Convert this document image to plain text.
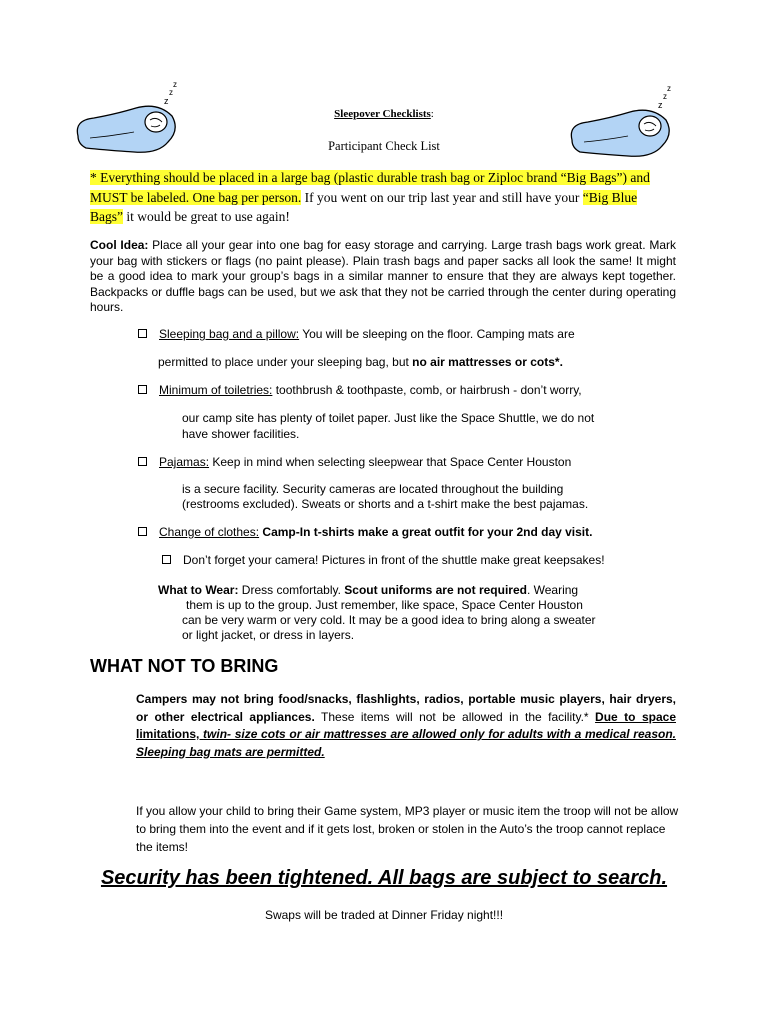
z
z
z
z
z
z
Sleepover Checklists:
Participant Check List
* Everything should be placed in a large bag (plastic durable trash bag or Ziploc brand “Big Bags”) and
MUST be labeled. One bag per person. If you went on our trip last year and still have your “Big Blue
Bags” it would be great to use again!
Cool Idea: Place all your gear into one bag for easy storage and carrying. Large trash bags work great. Mark your bag with stickers or flags (no paint please). Plain trash bags and paper sacks all look the same! It might be a good idea to mark your group’s bags in a similar manner to ensure that they are always kept together. Backpacks or duffle bags can be used, but we ask that they not be carried through the center during operating hours.
Sleeping bag and a pillow: You will be sleeping on the floor. Camping mats are
permitted to place under your sleeping bag, but no air mattresses or cots*.
Minimum of toiletries: toothbrush & toothpaste, comb, or hairbrush - don’t worry,
our camp site has plenty of toilet paper. Just like the Space Shuttle, we do not
have shower facilities.
Pajamas: Keep in mind when selecting sleepwear that Space Center Houston
is a secure facility. Security cameras are located throughout the building
(restrooms excluded). Sweats or shorts and a t-shirt make the best pajamas.
Change of clothes: Camp-In t-shirts make a great outfit for your 2nd day visit.
Don’t forget your camera! Pictures in front of the shuttle make great keepsakes!
What to Wear: Dress comfortably. Scout uniforms are not required. Wearing
them is up to the group. Just remember, like space, Space Center Houston
can be very warm or very cold. It may be a good idea to bring along a sweater
or light jacket, or dress in layers.
WHAT NOT TO BRING
Campers may not bring food/snacks, flashlights, radios, portable music players, hair dryers, or other electrical appliances. These items will not be allowed in the facility.* Due to space limitations, twin- size cots or air mattresses are allowed only for adults with a medical reason. Sleeping bag mats are permitted.
If you allow your child to bring their Game system, MP3 player or music item the troop will not be allow to bring them into the event and if it gets lost, broken or stolen in the Auto’s the troop cannot replace the items!
Security has been tightened. All bags are subject to search.
Swaps will be traded at Dinner Friday night!!!
